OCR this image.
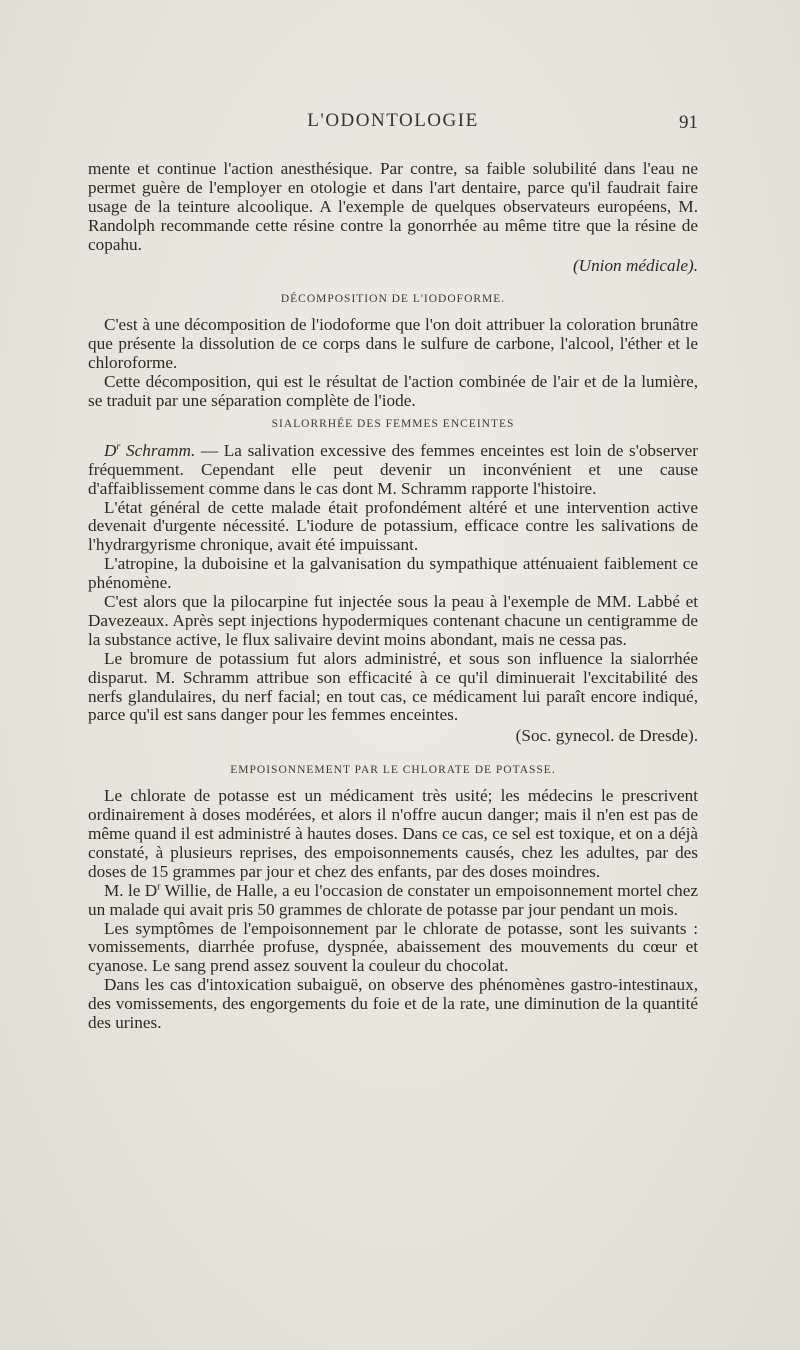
L'ODONTOLOGIE	91

mente et continue l'action anesthésique. Par contre, sa faible solubilité dans l'eau ne permet guère de l'employer en otologie et dans l'art dentaire, parce qu'il faudrait faire usage de la teinture alcoolique. A l'exemple de quelques observateurs européens, M. Randolph recommande cette résine contre la gonorrhée au même titre que la résine de copahu.

(Union médicale).
DÉCOMPOSITION DE L'IODOFORME.

C'est à une décomposition de l'iodoforme que l'on doit attribuer la coloration brunâtre que présente la dissolution de ce corps dans le sulfure de carbone, l'alcool, l'éther et le chloroforme.

Cette décomposition, qui est le résultat de l'action combinée de l'air et de la lumière, se traduit par une séparation complète de l'iode.

SIALORRHÉE DES FEMMES ENCEINTES

$D^r$ Schramm. — La salivation excessive des femmes enceintes est loin de s'observer fréquemment. Cependant elle peut devenir un inconvénient et une cause d'affaiblissement comme dans le cas dont M. Schramm rapporte l'histoire.

L'état général de cette malade était profondément altéré et une intervention active devenait d'urgente nécessité. L'iodure de potassium, efficace contre les salivations de l'hydrargyrisme chronique, avait été impuissant.

L'atropine, la duboisine et la galvanisation du sympathique atténuaient faiblement ce phénomène.

C'est alors que la pilocarpine fut injectée sous la peau à l'exemple de MM. Labbé et Davezeaux. Après sept injections hypodermiques contenant chacune un centigramme de la substance active, le flux salivaire devint moins abondant, mais ne cessa pas.

Le bromure de potassium fut alors administré, et sous son influence la sialorrhée disparut. M. Schramm attribue son efficacité à ce qu'il diminuerait l'excitabilité des nerfs glandulaires, du nerf facial; en tout cas, ce médicament lui paraît encore indiqué, parce qu'il est sans danger pour les femmes enceintes.

(Soc. gynecol. de Dresde).
EMPOISONNEMENT PAR LE CHLORATE DE POTASSE.

Le chlorate de potasse est un médicament très usité; les médecins le prescrivent ordinairement à doses modérées, et alors il n'offre aucun danger; mais il n'en est pas de même quand il est administré à hautes doses. Dans ce cas, ce sel est toxique, et on a déjà constaté, à plusieurs reprises, des empoisonnements causés, chez les adultes, par des doses de 15 grammes par jour et chez des enfants, par des doses moindres.

M. le $D^r$ Willie, de Halle, a eu l'occasion de constater un empoisonnement mortel chez un malade qui avait pris 50 grammes de chlorate de potasse par jour pendant un mois.

Les symptômes de l'empoisonnement par le chlorate de potasse, sont les suivants : vomissements, diarrhée profuse, dyspnée, abaissement des mouvements du cœur et cyanose. Le sang prend assez souvent la couleur du chocolat.

Dans les cas d'intoxication subaiguë, on observe des phénomènes gastro-intestinaux, des vomissements, des engorgements du foie et de la rate, une diminution de la quantité des urines.
